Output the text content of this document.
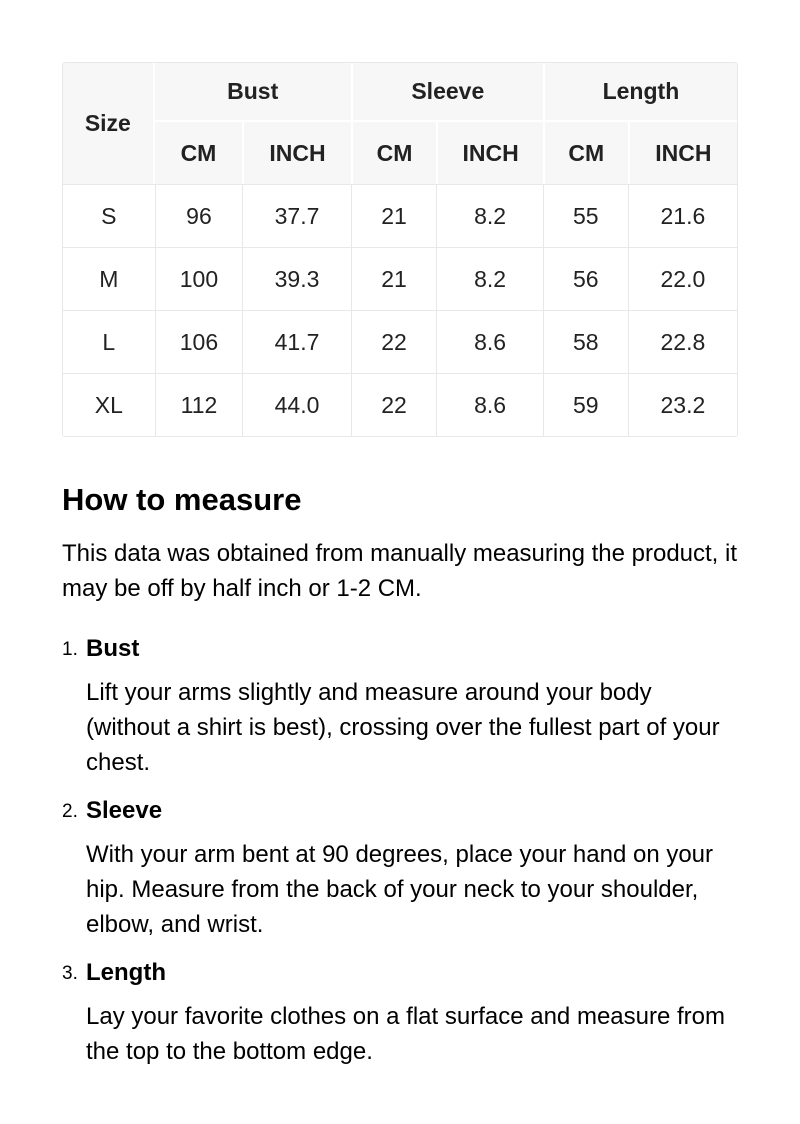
Size	Bust		Sleeve		Length	
	CM	INCH	CM	INCH	CM	INCH
S	96	37.7	21	8.2	55	21.6
M	100	39.3	21	8.2	56	22.0
L	106	41.7	22	8.6	58	22.8
XL	112	44.0	22	8.6	59	23.2
How to measure

This data was obtained from manually measuring the product, it may be off by half inch or 1-2 CM.

1. Bust

Lift your arms slightly and measure around your body (without a shirt is best), crossing over the fullest part of your chest.

2. Sleeve

With your arm bent at 90 degrees, place your hand on your hip. Measure from the back of your neck to your shoulder, elbow, and wrist.

3. Length

Lay your favorite clothes on a flat surface and measure from the top to the bottom edge.
